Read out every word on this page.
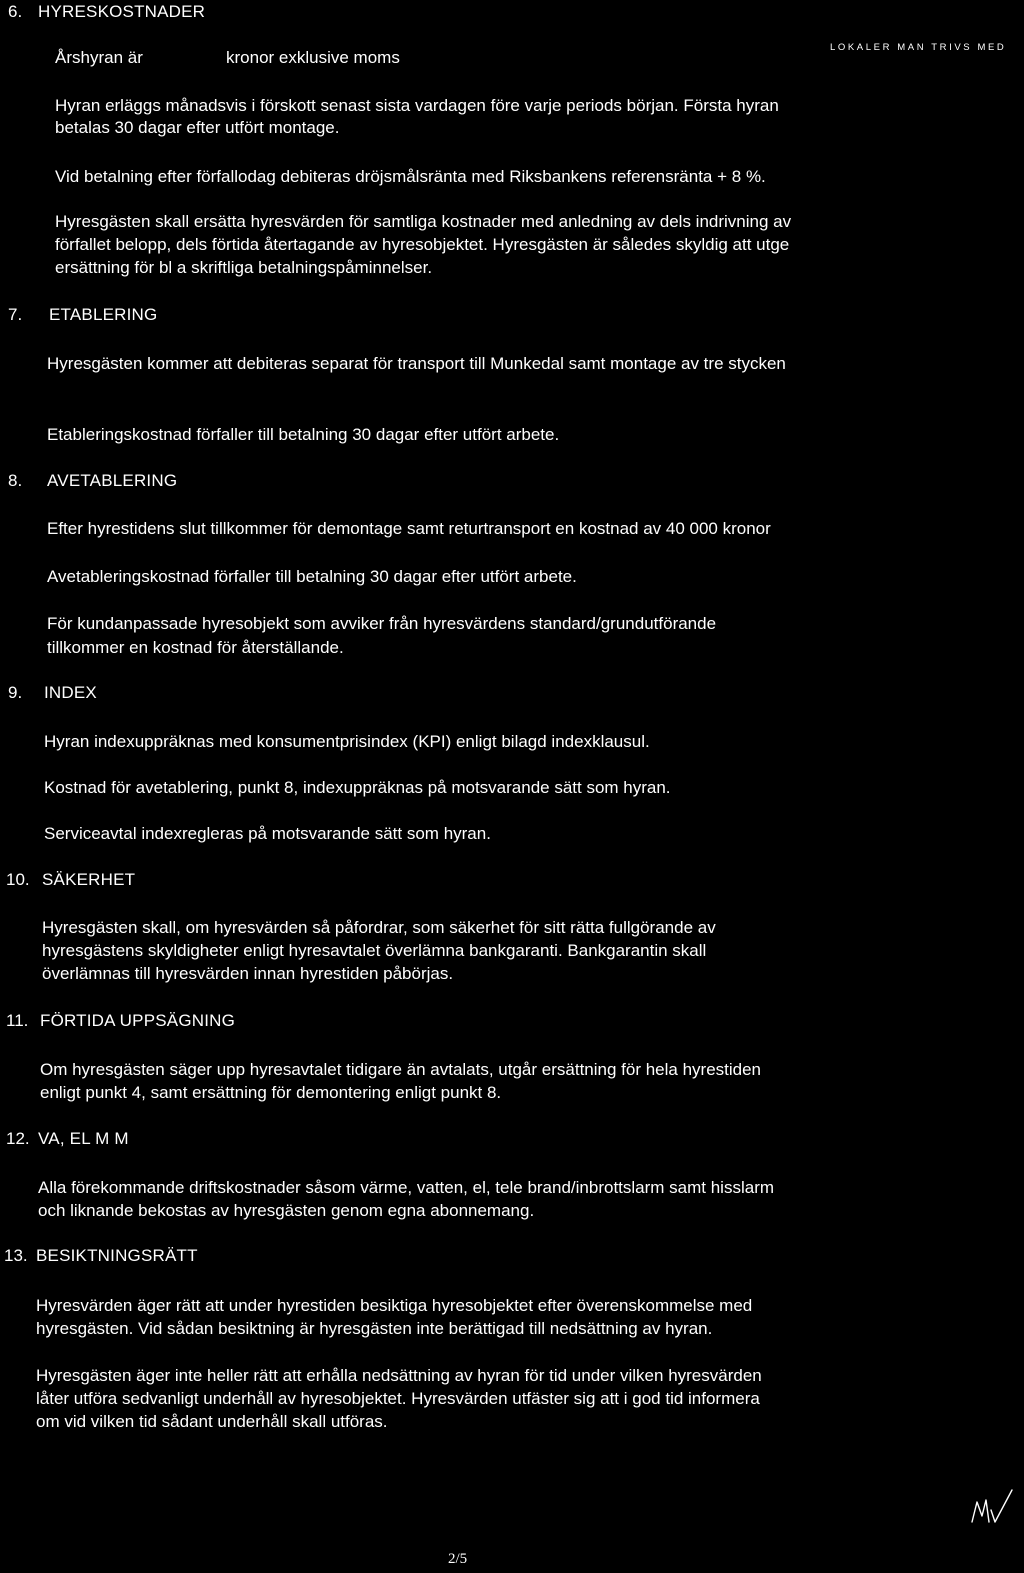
6. HYRESKOSTNADER
Årshyran är	kronor exklusive moms
LOKALER MAN TRIVS MED
Hyran erläggs månadsvis i förskott senast sista vardagen före varje periods början. Första hyran
betalas 30 dagar efter utfört montage.
Vid betalning efter förfallodag debiteras dröjsmålsränta med Riksbankens referensränta + 8 %.
Hyresgästen skall ersätta hyresvärden för samtliga kostnader med anledning av dels indrivning av
förfallet belopp, dels förtida återtagande av hyresobjektet. Hyresgästen är således skyldig att utge
ersättning för bl a skriftliga betalningspåminnelser.
7. ETABLERING
Hyresgästen kommer att debiteras separat för transport till Munkedal samt montage av tre stycken
Etableringskostnad förfaller till betalning 30 dagar efter utfört arbete.
8. AVETABLERING
Efter hyrestidens slut tillkommer för demontage samt returtransport en kostnad av 40 000 kronor
Avetableringskostnad förfaller till betalning 30 dagar efter utfört arbete.
För kundanpassade hyresobjekt som avviker från hyresvärdens standard/grundutförande
tillkommer en kostnad för återställande.
9. INDEX
Hyran indexuppräknas med konsumentprisindex (KPI) enligt bilagd indexklausul.
Kostnad för avetablering, punkt 8, indexuppräknas på motsvarande sätt som hyran.
Serviceavtal indexregleras på motsvarande sätt som hyran.
10. SÄKERHET
Hyresgästen skall, om hyresvärden så påfordrar, som säkerhet för sitt rätta fullgörande av
hyresgästens skyldigheter enligt hyresavtalet överlämna bankgaranti. Bankgarantin skall
överlämnas till hyresvärden innan hyrestiden påbörjas.
11. FÖRTIDA UPPSÄGNING
Om hyresgästen säger upp hyresavtalet tidigare än avtalats, utgår ersättning för hela hyrestiden
enligt punkt 4, samt ersättning för demontering enligt punkt 8.
12. VA, EL M M
Alla förekommande driftskostnader såsom värme, vatten, el, tele brand/inbrottslarm samt hisslarm
och liknande bekostas av hyresgästen genom egna abonnemang.
13. BESIKTNINGSRÄTT
Hyresvärden äger rätt att under hyrestiden besiktiga hyresobjektet efter överenskommelse med
hyresgästen. Vid sådan besiktning är hyresgästen inte berättigad till nedsättning av hyran.
Hyresgästen äger inte heller rätt att erhålla nedsättning av hyran för tid under vilken hyresvärden
låter utföra sedvanligt underhåll av hyresobjektet. Hyresvärden utfäster sig att i god tid informera
om vid vilken tid sådant underhåll skall utföras.
2/5
